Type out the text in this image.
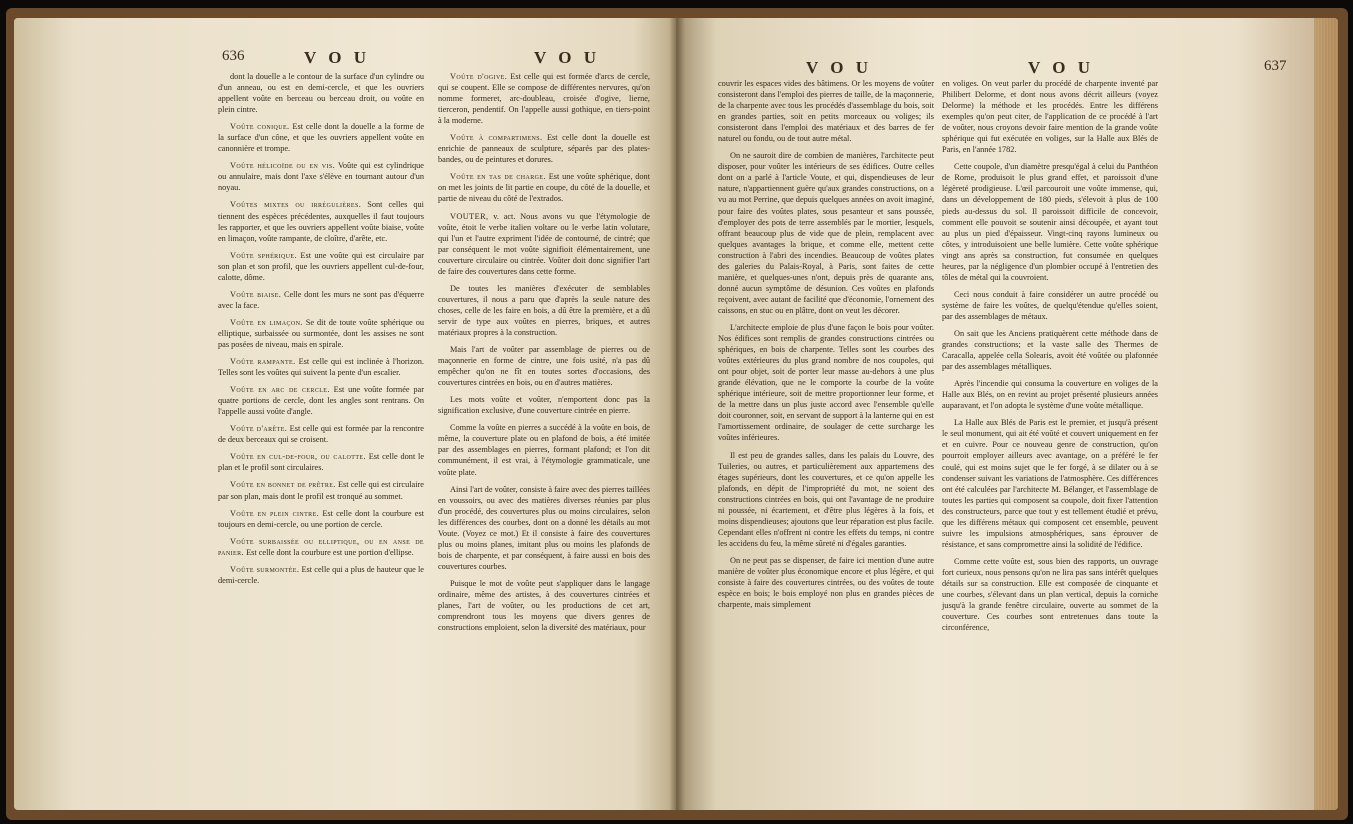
636	V O U	V O U

dont la douelle a le contour de la surface d'un cylindre ou d'un anneau, ou est en demi-cercle, et que les ouvriers appellent voûte en berceau ou berceau droit, ou voûte en plein cintre.

Voûte conique. Est celle dont la douelle a la forme de la surface d'un cône, et que les ouvriers appellent voûte en canonnière et trompe.

Voûte hélicoïde ou en vis. Voûte qui est cylindrique ou annulaire, mais dont l'axe s'élève en tournant autour d'un noyau.

Voûtes mixtes ou irrégulières. Sont celles qui tiennent des espèces précédentes, auxquelles il faut toujours les rapporter, et que les ouvriers appellent voûte biaise, voûte en limaçon, voûte rampante, de cloître, d'arête, etc.

Voûte sphérique. Est une voûte qui est circulaire par son plan et son profil, que les ouvriers appellent cul-de-four, calotte, dôme.

Voûte biaise. Celle dont les murs ne sont pas d'équerre avec la face.

Voûte en limaçon. Se dit de toute voûte sphérique ou elliptique, surbaissée ou surmontée, dont les assises ne sont pas posées de niveau, mais en spirale.

Voûte rampante. Est celle qui est inclinée à l'horizon. Telles sont les voûtes qui suivent la pente d'un escalier.

Voûte en arc de cercle. Est une voûte formée par quatre portions de cercle, dont les angles sont rentrans. On l'appelle aussi voûte d'angle.

Voûte d'arête. Est celle qui est formée par la rencontre de deux berceaux qui se croisent.

Voûte en cul-de-four, ou calotte. Est celle dont le plan et le profil sont circulaires.

Voûte en bonnet de prêtre. Est celle qui est circulaire par son plan, mais dont le profil est tronqué au sommet.

Voûte en plein cintre. Est celle dont la courbure est toujours en demi-cercle, ou une portion de cercle.

Voûte surbaissée ou elliptique, ou en anse de panier. Est celle dont la courbure est une portion d'ellipse.

Voûte surmontée. Est celle qui a plus de hauteur que le demi-cercle.

Voûte d'ogive. Est celle qui est formée d'arcs de cercle, qui se coupent. Elle se compose de différentes nervures, qu'on nomme formeret, arc-doubleau, croisée d'ogive, lierne, tierceron, pendentif. On l'appelle aussi gothique, en tiers-point à la moderne.

Voûte à compartimens. Est celle dont la douelle est enrichie de panneaux de sculpture, séparés par des plates-bandes, ou de peintures et dorures.

Voûte en tas de charge. Est une voûte sphérique, dont on met les joints de lit partie en coupe, du côté de la douelle, et partie de niveau du côté de l'extrados.

VOUTER, v. act. Nous avons vu que l'étymologie de voûte, étoit le verbe italien voltare ou le verbe latin volutare, qui l'un et l'autre expriment l'idée de contourné, de cintré; que par conséquent le mot voûte signifioit élémentairement, une couverture circulaire ou cintrée. Voûter doit donc signifier l'art de faire des couvertures dans cette forme.

De toutes les manières d'exécuter de semblables couvertures, il nous a paru que d'après la seule nature des choses, celle de les faire en bois, a dû être la première, et a dû servir de type aux voûtes en pierres, briques, et autres matériaux propres à la construction.

Mais l'art de voûter par assemblage de pierres ou de maçonnerie en forme de cintre, une fois usité, n'a pas dû empêcher qu'on ne fît en toutes sortes d'occasions, des couvertures cintrées en bois, ou en d'autres matières.

Les mots voûte et voûter, n'emportent donc pas la signification exclusive, d'une couverture cintrée en pierre.

Comme la voûte en pierres a succédé à la voûte en bois, de même, la couverture plate ou en plafond de bois, a été imitée par des assemblages en pierres, formant plafond; et l'on dit communément, il est vrai, à l'étymologie grammaticale, une voûte plate.

Ainsi l'art de voûter, consiste à faire avec des pierres taillées en voussoirs, ou avec des matières diverses réunies par plus d'un procédé, des couvertures plus ou moins circulaires, selon les différences des courbes, dont on a donné les détails au mot Voute. (Voyez ce mot.) Et il consiste à faire des couvertures plus ou moins planes, imitant plus ou moins les plafonds de bois de charpente, et par conséquent, à faire aussi en bois des couvertures courbes.

Puisque le mot de voûte peut s'appliquer dans le langage ordinaire, même des artistes, à des couvertures cintrées et planes, l'art de voûter, ou les productions de cet art, comprendront tous les moyens que divers genres de constructions emploient, selon la diversité des matériaux, pour

V O U	V O U	637

couvrir les espaces vides des bâtimens. Or les moyens de voûter consisteront dans l'emploi des pierres de taille, de la maçonnerie, de la charpente avec tous les procédés d'assemblage du bois, soit en grandes parties, soit en petits morceaux ou voliges; ils consisteront dans l'emploi des matériaux et des barres de fer naturel ou fondu, ou de tout autre métal.

On ne sauroit dire de combien de manières, l'architecte peut disposer, pour voûter les intérieurs de ses édifices. Outre celles dont on a parlé à l'article Voute, et qui, dispendieuses de leur nature, n'appartiennent guère qu'aux grandes constructions, on a vu au mot Perrine, que depuis quelques années on avoit imaginé, pour faire des voûtes plates, sous pesanteur et sans poussée, d'employer des pots de terre assemblés par le mortier, lesquels, offrant beaucoup plus de vide que de plein, remplacent avec quelques avantages la brique, et comme elle, mettent cette construction à l'abri des incendies. Beaucoup de voûtes plates des galeries du Palais-Royal, à Paris, sont faites de cette manière, et quelques-unes n'ont, depuis près de quarante ans, donné aucun symptôme de désunion. Ces voûtes en plafonds reçoivent, avec autant de facilité que d'économie, l'ornement des caissons, en stuc ou en plâtre, dont on veut les décorer.

L'architecte emploie de plus d'une façon le bois pour voûter. Nos édifices sont remplis de grandes constructions cintrées ou sphériques, en bois de charpente. Telles sont les courbes des voûtes extérieures du plus grand nombre de nos coupoles, qui ont pour objet, soit de porter leur masse au-dehors à une plus grande élévation, que ne le comporte la courbe de la voûte sphérique intérieure, soit de mettre proportionner leur forme, et de la mettre dans un plus juste accord avec l'ensemble qu'elle doit couronner, soit, en servant de support à la lanterne qui en est l'amortissement ordinaire, de soulager de cette surcharge les voûtes inférieures.

Il est peu de grandes salles, dans les palais du Louvre, des Tuileries, ou autres, et particulièrement aux appartemens des étages supérieurs, dont les couvertures, et ce qu'on appelle les plafonds, en dépit de l'impropriété du mot, ne soient des constructions cintrées en bois, qui ont l'avantage de ne produire ni poussée, ni écartement, et d'être plus légères à la fois, et moins dispendieuses; ajoutons que leur réparation est plus facile. Cependant elles n'offrent ni contre les effets du temps, ni contre les accidens du feu, la même sûreté ni d'égales garanties.

On ne peut pas se dispenser, de faire ici mention d'une autre manière de voûter plus économique encore et plus légère, et qui consiste à faire des couvertures cintrées, ou des voûtes de toute espèce en bois; le bois employé non plus en grandes pièces de charpente, mais simplement

en voliges. On veut parler du procédé de charpente inventé par Philibert Delorme, et dont nous avons décrit ailleurs (voyez Delorme) la méthode et les procédés. Entre les différens exemples qu'on peut citer, de l'application de ce procédé à l'art de voûter, nous croyons devoir faire mention de la grande voûte sphérique qui fut exécutée en voliges, sur la Halle aux Blés de Paris, en l'année 1782.

Cette coupole, d'un diamètre presqu'égal à celui du Panthéon de Rome, produisoit le plus grand effet, et paroissoit d'une légèreté prodigieuse. L'œil parcouroit une voûte immense, qui, dans un développement de 180 pieds, s'élevoit à plus de 100 pieds au-dessus du sol. Il paroissoit difficile de concevoir, comment elle pouvoit se soutenir ainsi découpée, et ayant tout au plus un pied d'épaisseur. Vingt-cinq rayons lumineux ou côtes, y introduisoient une belle lumière. Cette voûte sphérique vingt ans après sa construction, fut consumée en quelques heures, par la négligence d'un plombier occupé à l'entretien des tôles de métal qui la couvroient.

Ceci nous conduit à faire considérer un autre procédé ou système de faire les voûtes, de quelqu'étendue qu'elles soient, par des assemblages de métaux.

On sait que les Anciens pratiquèrent cette méthode dans de grandes constructions; et la vaste salle des Thermes de Caracalla, appelée cella Solearis, avoit été voûtée ou plafonnée par des assemblages métalliques.

Après l'incendie qui consuma la couverture en voliges de la Halle aux Blés, on en revint au projet présenté plusieurs années auparavant, et l'on adopta le système d'une voûte métallique.

La Halle aux Blés de Paris est le premier, et jusqu'à présent le seul monument, qui ait été voûté et couvert uniquement en fer et en cuivre. Pour ce nouveau genre de construction, qu'on pourroit employer ailleurs avec avantage, on a préféré le fer coulé, qui est moins sujet que le fer forgé, à se dilater ou à se condenser suivant les variations de l'atmosphère. Ces différences ont été calculées par l'architecte M. Bélanger, et l'assemblage de toutes les parties qui composent sa coupole, doit fixer l'attention des constructeurs, parce que tout y est tellement étudié et prévu, que les différens métaux qui composent cet ensemble, peuvent suivre les impulsions atmosphériques, sans éprouver de résistance, et sans compromettre ainsi la solidité de l'édifice.

Comme cette voûte est, sous bien des rapports, un ouvrage fort curieux, nous pensons qu'on ne lira pas sans intérêt quelques détails sur sa construction. Elle est composée de cinquante et une courbes, s'élevant dans un plan vertical, depuis la corniche jusqu'à la grande fenêtre circulaire, ouverte au sommet de la couverture. Ces courbes sont entretenues dans toute la circonférence,
